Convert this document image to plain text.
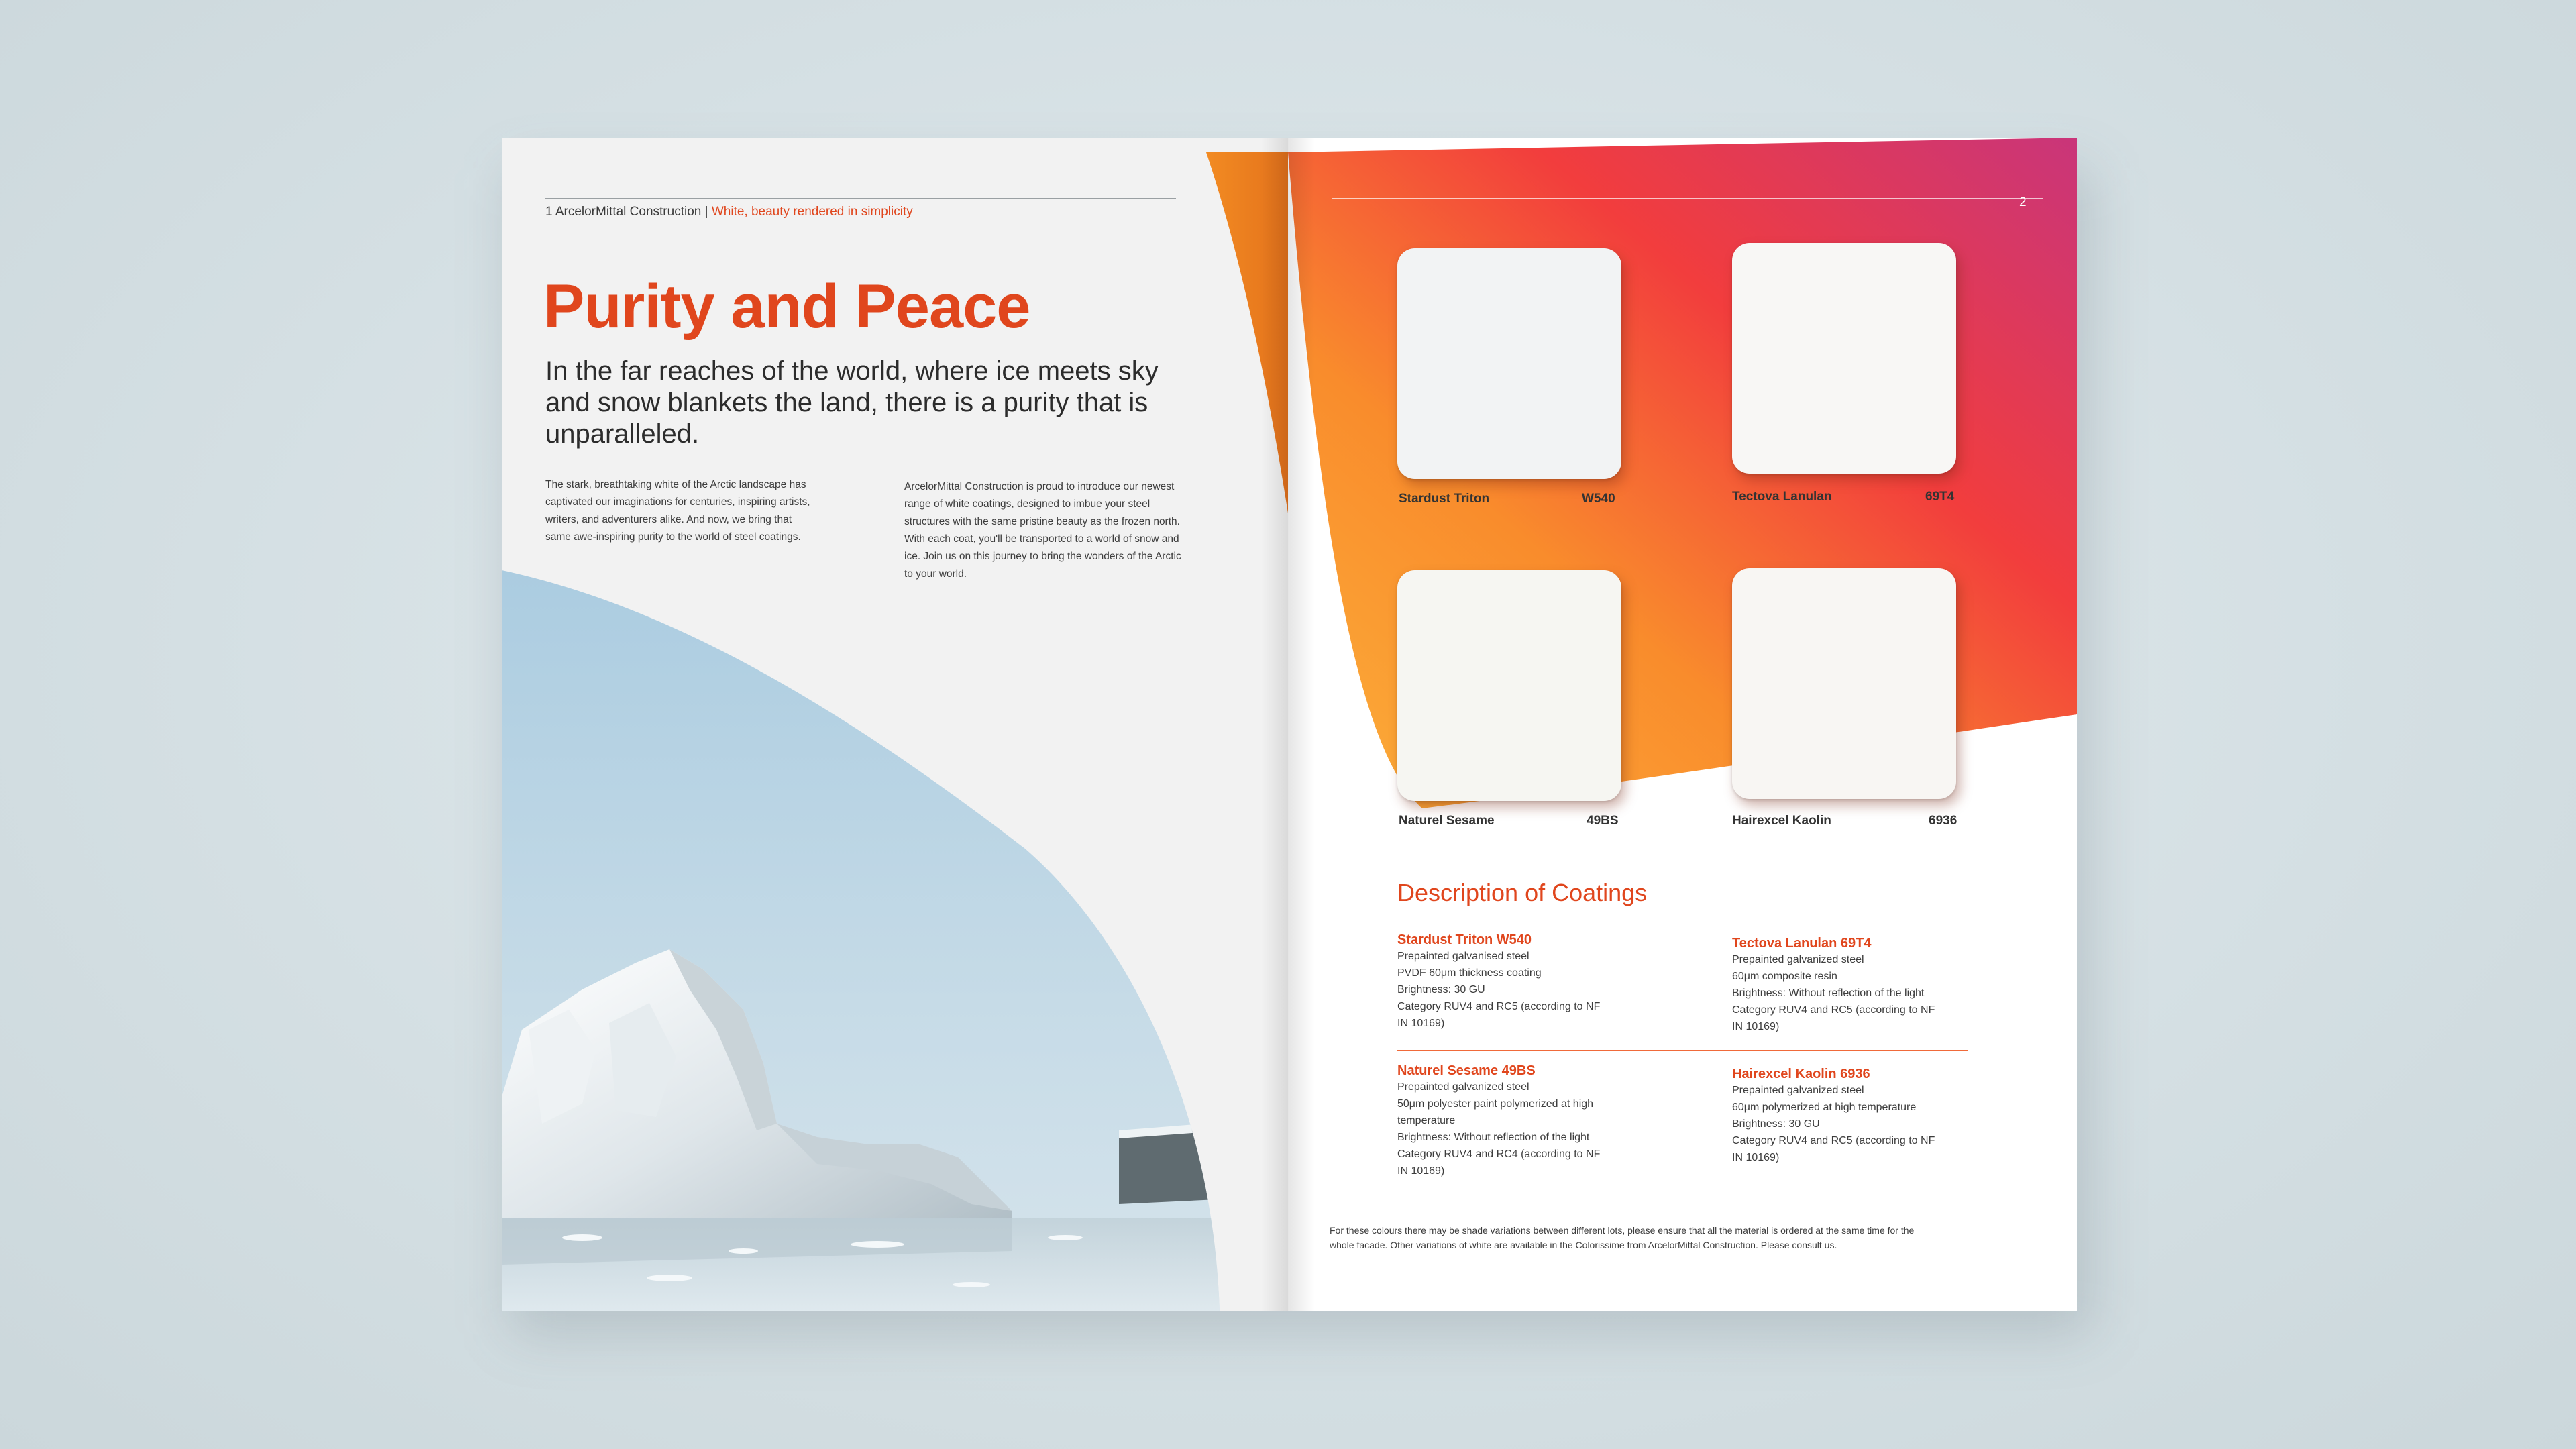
1 ArcelorMittal Construction | White, beauty rendered in simplicity
Purity and Peace
In the far reaches of the world, where ice meets sky
and snow blankets the land, there is a purity that is
unparalleled.
The stark, breathtaking white of the Arctic landscape has
captivated our imaginations for centuries, inspiring artists,
writers, and adventurers alike. And now, we bring that
same awe-inspiring purity to the world of steel coatings.
ArcelorMittal Construction is proud to introduce our newest
range of white coatings, designed to imbue your steel
structures with the same pristine beauty as the frozen north.
With each coat, you'll be transported to a world of snow and
ice. Join us on this journey to bring the wonders of the Arctic
to your world.
2
Stardust Triton	W540	Tectova Lanulan	69T4
Naturel Sesame	49BS	Hairexcel Kaolin	6936
Description of Coatings
Stardust Triton W540
Prepainted galvanised steel
PVDF 60μm thickness coating
Brightness: 30 GU
Category RUV4 and RC5 (according to NF
IN 10169)
Tectova Lanulan 69T4
Prepainted galvanized steel
60μm composite resin
Brightness: Without reflection of the light
Category RUV4 and RC5 (according to NF
IN 10169)
Naturel Sesame 49BS
Prepainted galvanized steel
50μm polyester paint polymerized at high
temperature
Brightness: Without reflection of the light
Category RUV4 and RC4 (according to NF
IN 10169)
Hairexcel Kaolin 6936
Prepainted galvanized steel
60μm polymerized at high temperature
Brightness: 30 GU
Category RUV4 and RC5 (according to NF
IN 10169)
For these colours there may be shade variations between different lots, please ensure that all the material is ordered at the same time for the
whole facade. Other variations of white are available in the Colorissime from ArcelorMittal Construction. Please consult us.
